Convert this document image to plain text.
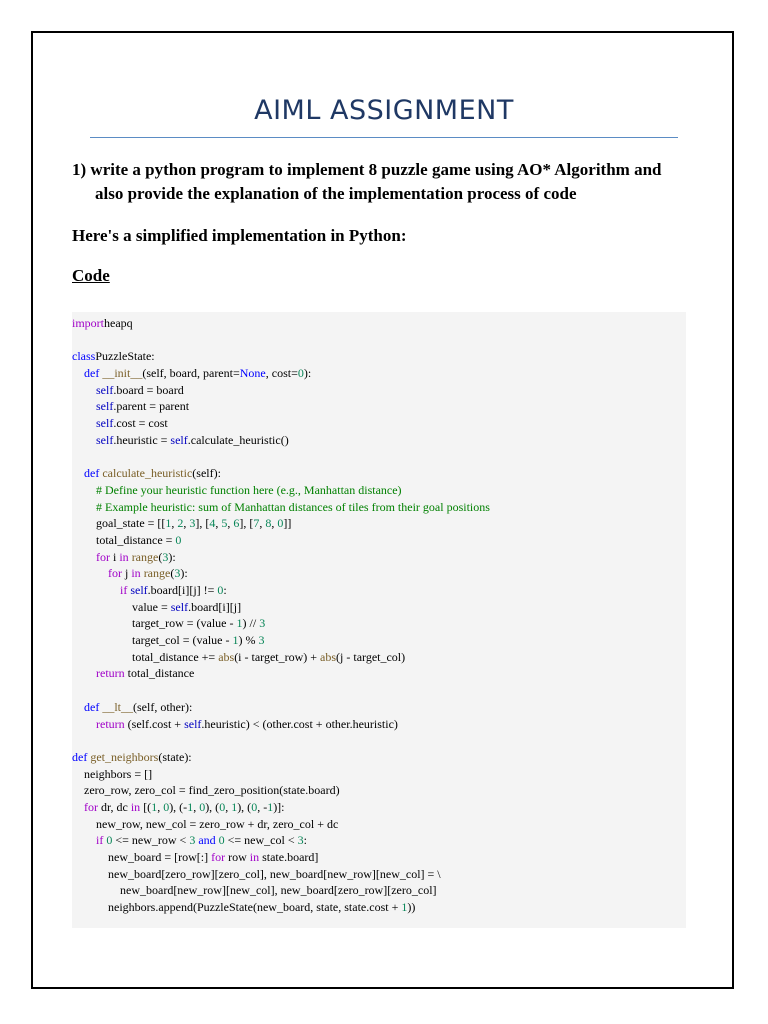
AIML ASSIGNMENT
1) write a python program to implement 8 puzzle game using AO* Algorithm and
also provide the explanation of the implementation process of code
Here's a simplified implementation in Python:
Code
importheapq

classPuzzleState:
def __init__(self, board, parent=None, cost=0):
self.board = board
self.parent = parent
self.cost = cost
self.heuristic = self.calculate_heuristic()

def calculate_heuristic(self):
# Define your heuristic function here (e.g., Manhattan distance)
# Example heuristic: sum of Manhattan distances of tiles from their goal positions
goal_state = [[1, 2, 3], [4, 5, 6], [7, 8, 0]]
total_distance = 0
for i in range(3):
for j in range(3):
if self.board[i][j] != 0:
value = self.board[i][j]
target_row = (value - 1) // 3
target_col = (value - 1) % 3
total_distance += abs(i - target_row) + abs(j - target_col)
return total_distance

def __lt__(self, other):
return (self.cost + self.heuristic) < (other.cost + other.heuristic)

def get_neighbors(state):
neighbors = []
zero_row, zero_col = find_zero_position(state.board)
for dr, dc in [(1, 0), (-1, 0), (0, 1), (0, -1)]:
new_row, new_col = zero_row + dr, zero_col + dc
if 0 <= new_row < 3 and 0 <= new_col < 3:
new_board = [row[:] for row in state.board]
new_board[zero_row][zero_col], new_board[new_row][new_col] = \
new_board[new_row][new_col], new_board[zero_row][zero_col]
neighbors.append(PuzzleState(new_board, state, state.cost + 1))
